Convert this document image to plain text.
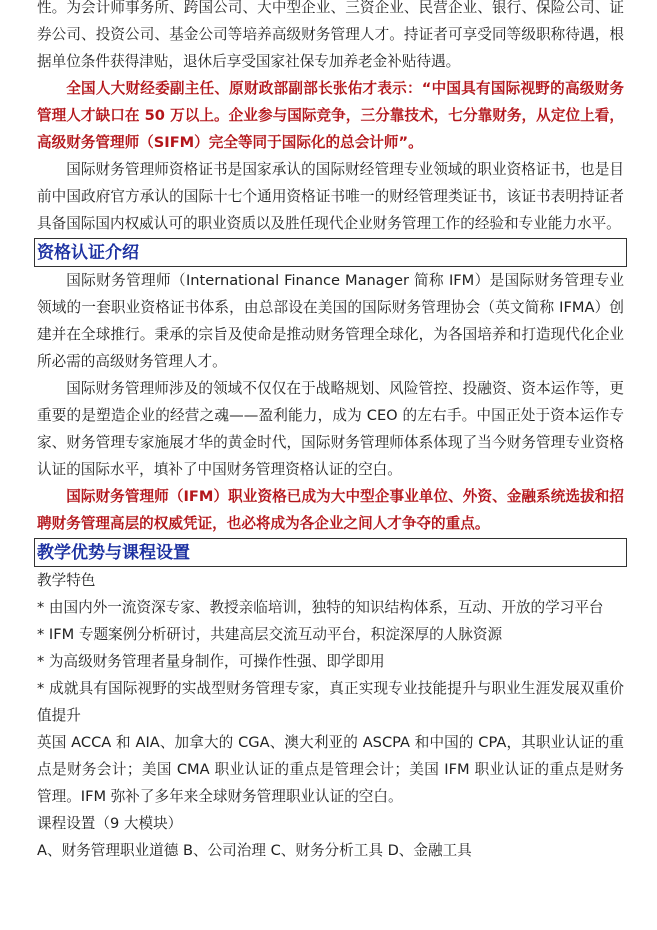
性。为会计师事务所、跨国公司、大中型企业、三资企业、民营企业、银行、保险公司、证券公司、投资公司、基金公司等培养高级财务管理人才。持证者可享受同等级职称待遇，根据单位条件获得津贴，退休后享受国家社保专加养老金补贴待遇。

全国人大财经委副主任、原财政部副部长张佑才表示：“中国具有国际视野的高级财务管理人才缺口在 50 万以上。企业参与国际竞争，三分靠技术，七分靠财务，从定位上看，高级财务管理师（SIFM）完全等同于国际化的总会计师”。

国际财务管理师资格证书是国家承认的国际财经管理专业领域的职业资格证书，也是目前中国政府官方承认的国际十七个通用资格证书唯一的财经管理类证书，该证书表明持证者具备国际国内权威认可的职业资质以及胜任现代企业财务管理工作的经验和专业能力水平。

资格认证介绍

国际财务管理师（International Finance Manager 简称 IFM）是国际财务管理专业领域的一套职业资格证书体系，由总部设在美国的国际财务管理协会（英文简称 IFMA）创建并在全球推行。秉承的宗旨及使命是推动财务管理全球化，为各国培养和打造现代化企业所必需的高级财务管理人才。

国际财务管理师涉及的领域不仅仅在于战略规划、风险管控、投融资、资本运作等，更重要的是塑造企业的经营之魂——盈利能力，成为 CEO 的左右手。中国正处于资本运作专家、财务管理专家施展才华的黄金时代，国际财务管理师体系体现了当今财务管理专业资格认证的国际水平，填补了中国财务管理资格认证的空白。

国际财务管理师（IFM）职业资格已成为大中型企事业单位、外资、金融系统选拔和招聘财务管理高层的权威凭证，也必将成为各企业之间人才争夺的重点。

教学优势与课程设置

教学特色

* 由国内外一流资深专家、教授亲临培训，独特的知识结构体系，互动、开放的学习平台

* IFM 专题案例分析研讨，共建高层交流互动平台，积淀深厚的人脉资源

* 为高级财务管理者量身制作，可操作性强、即学即用

* 成就具有国际视野的实战型财务管理专家，真正实现专业技能提升与职业生涯发展双重价值提升

英国 ACCA 和 AIA、加拿大的 CGA、澳大利亚的 ASCPA 和中国的 CPA，其职业认证的重点是财务会计；美国 CMA 职业认证的重点是管理会计；美国 IFM 职业认证的重点是财务管理。IFM 弥补了多年来全球财务管理职业认证的空白。

课程设置（9 大模块）

A、财务管理职业道德 B、公司治理 C、财务分析工具 D、金融工具
